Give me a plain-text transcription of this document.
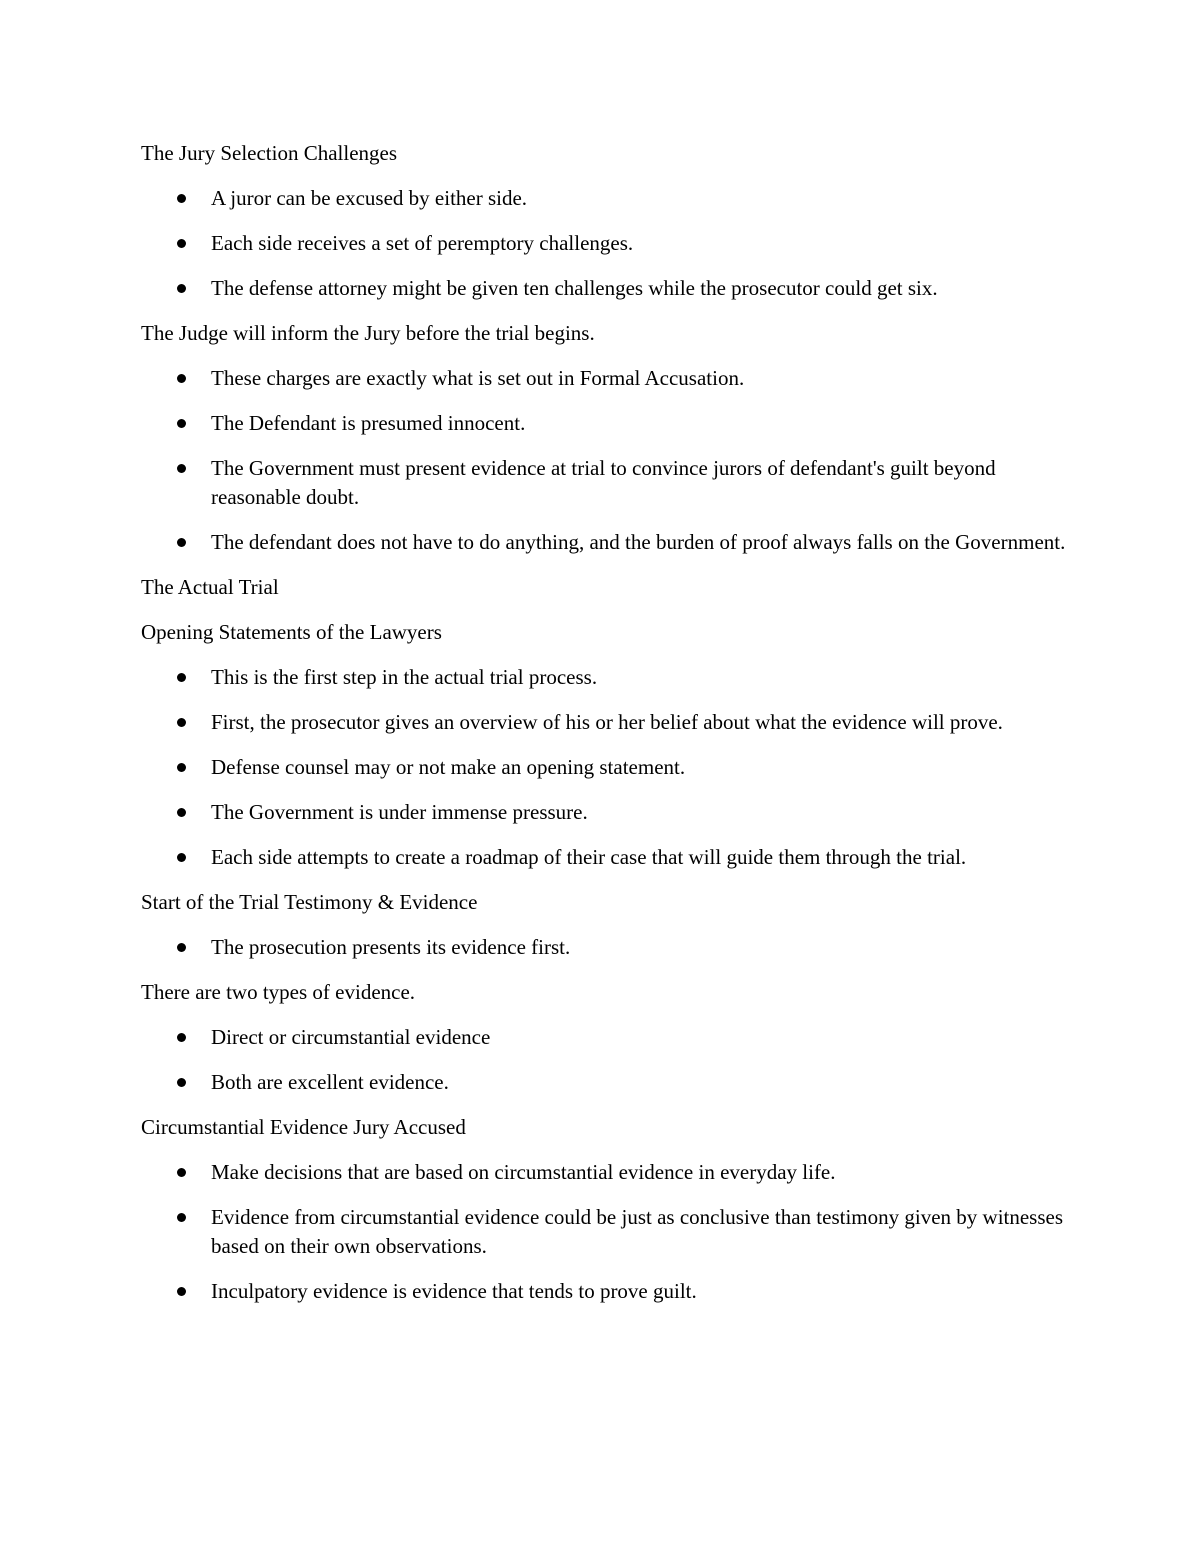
The Jury Selection Challenges

A juror can be excused by either side.
Each side receives a set of peremptory challenges.
The defense attorney might be given ten challenges while the prosecutor could get six.

The Judge will inform the Jury before the trial begins.

These charges are exactly what is set out in Formal Accusation.
The Defendant is presumed innocent.
The Government must present evidence at trial to convince jurors of defendant's guilt beyond reasonable doubt.
The defendant does not have to do anything, and the burden of proof always falls on the Government.

The Actual Trial

Opening Statements of the Lawyers

This is the first step in the actual trial process.
First, the prosecutor gives an overview of his or her belief about what the evidence will prove.
Defense counsel may or not make an opening statement.
The Government is under immense pressure.
Each side attempts to create a roadmap of their case that will guide them through the trial.

Start of the Trial Testimony & Evidence

The prosecution presents its evidence first.

There are two types of evidence.

Direct or circumstantial evidence
Both are excellent evidence.

Circumstantial Evidence Jury Accused

Make decisions that are based on circumstantial evidence in everyday life.
Evidence from circumstantial evidence could be just as conclusive than testimony given by witnesses based on their own observations.
Inculpatory evidence is evidence that tends to prove guilt.
